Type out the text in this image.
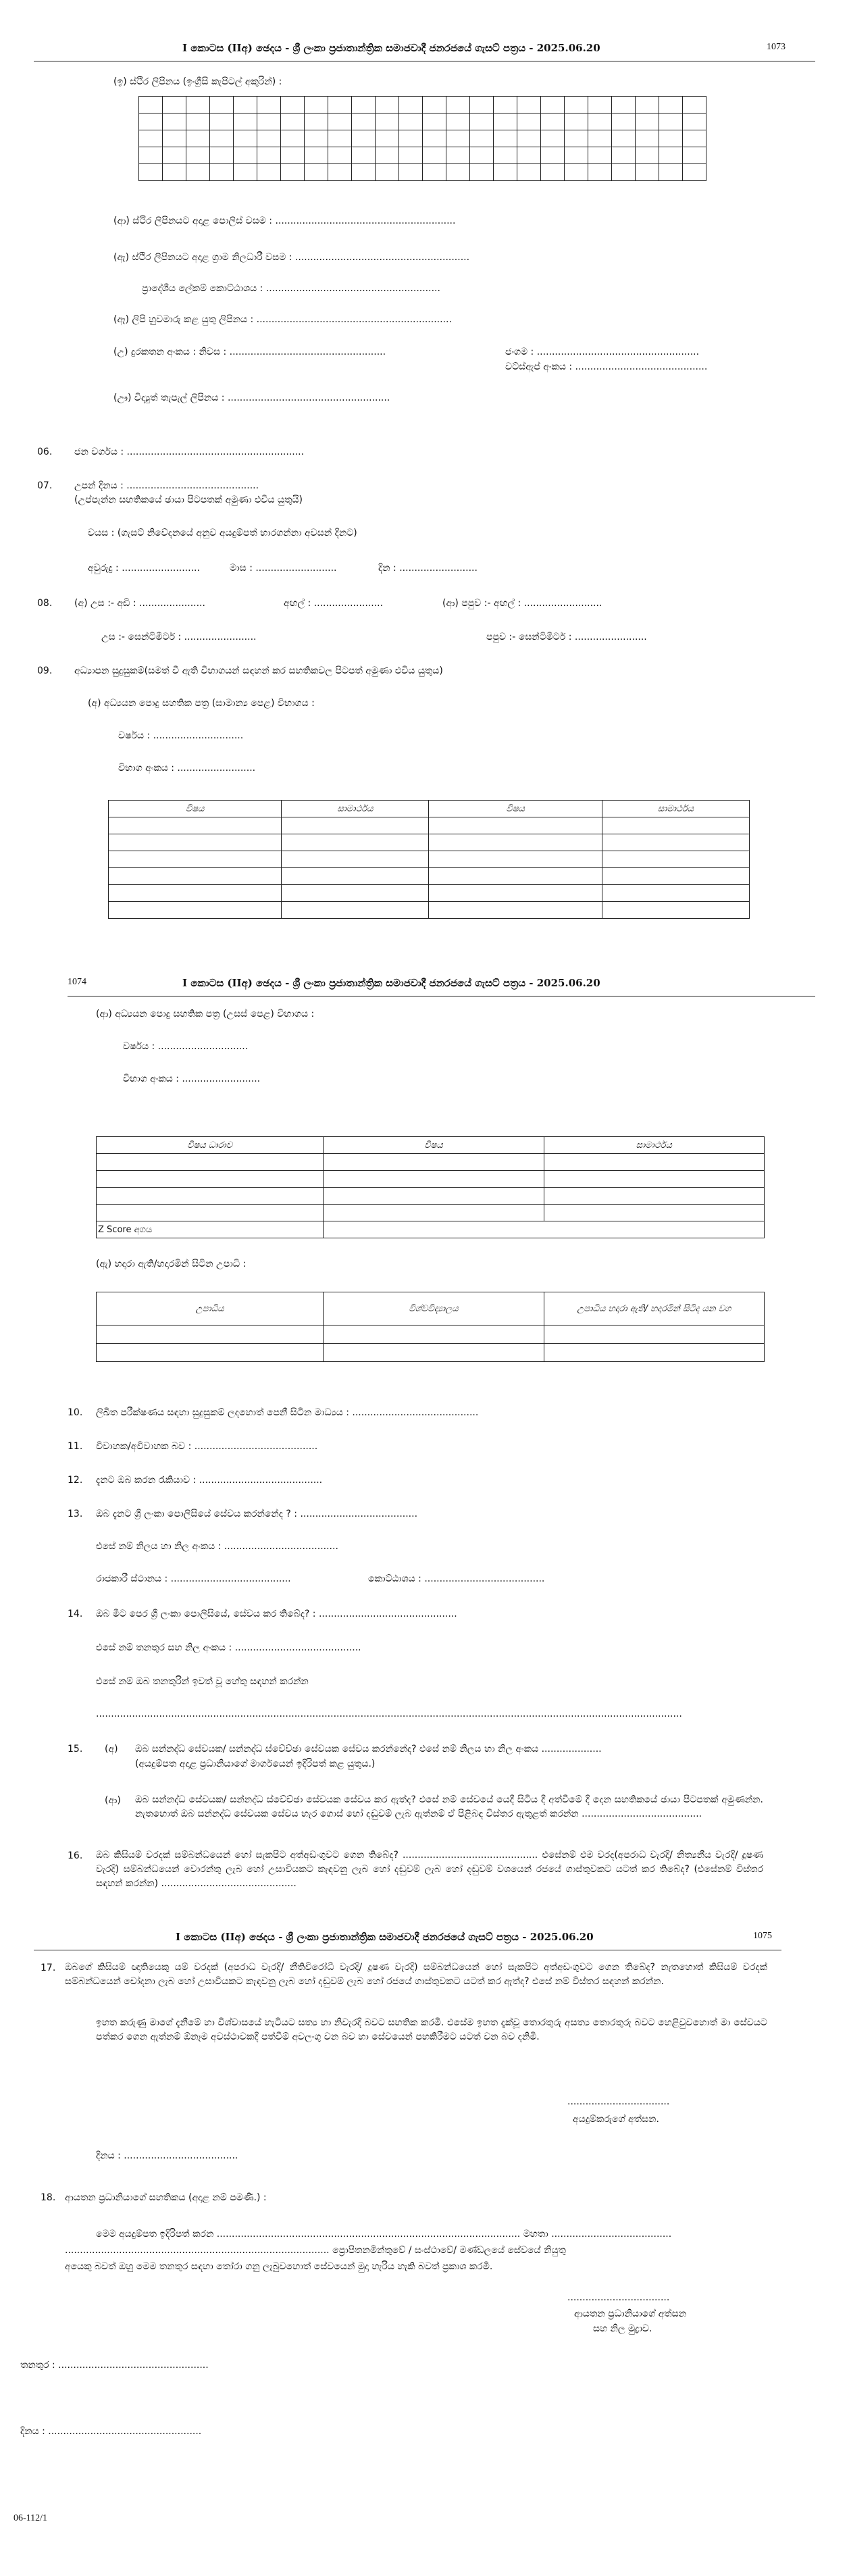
I කොටස (IIඅ) ඡෙදය - ශ්‍රී ලංකා ප්‍රජාතාන්ත්‍රික සමාජවාදී ජනරජයේ ගැසට් පත්‍රය - 2025.06.20	1073
(ඉ) ස්ථිර ලිපිනය (ඉංග්‍රීසි කැපිටල් අකුරින්) :

(ආ) ස්ථිර ලිපිනයට අදාළ පොලිස් වසම : ............................................................
(ඇ) ස්ථිර ලිපිනයට අදාළ ග්‍රාම නිලධාරී වසම : ..........................................................
ප්‍රාදේශීය ලේකම් කොට්ඨාශය : ..........................................................
(ඈ) ලිපි හුවමාරු කළ යුතු ලිපිනය : .................................................................
(උ) දුරකතන අංකය : නිවස : ....................................................	ජංගම : ......................................................
වට්ස්ඇප් අංකය : ............................................
(ඌ) විද්‍යුත් තැපැල් ලිපිනය : ......................................................
06. ජන වර්ගය : ...........................................................
07. උපන් දිනය : ............................................
(උප්පැන්න සහතිකයේ ඡායා පිටපතක් අමුණා එවිය යුතුයි)
වයස : (ගැසට් නිවේදනයේ අනුව අයදුම්පත් භාරගන්නා අවසන් දිනට)
අවුරුදු : ..........................	මාස : ...........................	දින : ..........................
08. (අ) උස :- අඩි : ......................	අඟල් : .......................	(ආ) පපුව :- අඟල් : ..........................
උස :- සෙන්ටිමීටර් : ........................	පපුව :- සෙන්ටිමීටර් : ........................
09. අධ්‍යාපන සුදුසුකම්(සමත් වී ඇති විභාගයන් සඳහන් කර සහතිකවල පිටපත් අමුණා එවිය යුතුය)
(අ) අධ්‍යයන පොදු සහතික පත්‍ර (සාමාන්‍ය පෙළ) විභාගය :
වර්ෂය : ..............................
විභාග අංකය : ..........................
විෂය	සාමාර්ථය	විෂය	සාමාර්ථය

1074	I කොටස (IIඅ) ඡෙදය - ශ්‍රී ලංකා ප්‍රජාතාන්ත්‍රික සමාජවාදී ජනරජයේ ගැසට් පත්‍රය - 2025.06.20
(ආ) අධ්‍යයන පොදු සහතික පත්‍ර (උසස් පෙළ) විභාගය :
වර්ෂය : ..............................
විභාග අංකය : ..........................
විෂය ධාරාව	විෂය	සාමාර්ථය

Z Score අගය		
(ඇ) හදාරා ඇති/හදාරමින් සිටින උපාධි :
උපාධිය	විශ්වවිද්‍යාලය	උපාධිය හදාරා ඇති/ හදාරමින් සිටිද යන වග

10. ලිඛිත පරීක්ෂණය සඳහා සුදුසුකම් ලදහොත් පෙනී සිටින මාධ්‍යය : ..........................................
11. විවාහක/අවිවාහක බව : .........................................
12. දැනට ඔබ කරන රැකියාව : .........................................
13. ඔබ දැනට ශ්‍රී ලංකා පොලිසියේ සේවය කරන්නේද ? : .......................................
එසේ නම් නිලය හා නිල අංකය : ......................................
රාජකාරී ස්ථානය : ........................................	කොට්ඨාශය : ........................................
14. ඔබ මීට පෙර ශ්‍රී ලංකා පොලිසියේ, සේවය කර තිබේද? : ..............................................
එසේ නම් තනතුර සහ නිල අංකය : ..........................................
එසේ නම් ඔබ තනතුරින් ඉවත් වූ හේතු සඳහන් කරන්න
...................................................................................................................................................................................................
15. (අ) ඔබ සන්නද්ධ සේවයක/ සන්නද්ධ ස්වේච්ඡා සේවයක සේවය කරන්නේද? එසේ නම් නිලය හා නිල අංකය ....................
(අයදුම්පත අදාළ ප්‍රධානියාගේ මාර්ගයෙන් ඉදිරිපත් කළ යුතුය.)
(ආ) ඔබ සන්නද්ධ සේවයක/ සන්නද්ධ ස්වේච්ඡා සේවයක සේවය කර ඇත්ද? එසේ නම් සේවයේ යෙදී සිටිය දී අත්වීමේ දී දෙන සහතිකයේ ඡායා පිටපතක් අමුණන්න. නැතහොත් ඔබ සන්නද්ධ සේවයක සේවය හැර ගොස් හෝ දඬුවම් ලැබ ඇත්නම් ඒ පිළිබඳ විස්තර ඇතුළත් කරන්න ........................................
16. ඔබ කිසියම් වරදක් සම්බන්ධයෙන් හෝ සැකපිට අත්අඩංගුවට ගෙන තිබේද? ............................................. එසේනම් එම වරද(අපරාධ වැරදි/ නිත්‍යනීය වැරදි/ දූෂණ වැරදි) සම්බන්ධයෙන් වොරන්තු ලැබ හෝ උසාවියකට කැඳවනු ලැබ හෝ දඬුවම් ලැබ හෝ දඬුවම් වශයෙන් රජයේ ගාස්තුවකට යටත් කර තිබේද? (එසේනම් විස්තර සඳහන් කරන්න) .............................................
I කොටස (IIඅ) ඡෙදය - ශ්‍රී ලංකා ප්‍රජාතාන්ත්‍රික සමාජවාදී ජනරජයේ ගැසට් පත්‍රය - 2025.06.20	1075
17. ඔබගේ කිසියම් ඥාතියෙකු යම් වරදක් (අපරාධ වැරදි/ නීතිවිරෝධී වැරදි/ දූෂණ වැරදි) සම්බන්ධයෙන් හෝ සැකපිට අත්අඩංගුවට ගෙන තිබේද? නැතහොත් කිසියම් වරදක් සම්බන්ධයෙන් චෝදනා ලැබ හෝ උසාවියකට කැඳවනු ලැබ හෝ දඬුවම් ලැබ හෝ රජයේ ගාස්තුවකට යටත් කර ඇත්ද? එසේ නම් විස්තර සඳහන් කරන්න.
ඉහත කරුණු මාගේ දැනීමේ හා විශ්වාසයේ හැටියට සත්‍ය හා නිවැරදි බවට සහතික කරමි. එසේම ඉහත දැක්වූ තොරතුරු අසත්‍ය තොරතුරු බවට හෙළිවුවහොත් මා සේවයට පත්කර ගෙන ඇත්නම් ඕනෑම අවස්ථාවකදී පත්වීම් අවලංගු වන බව හා සේවයෙන් පහකිරීමට යටත් වන බව දනිමි.
..................................
අයදුම්කරුගේ අත්සන.
දිනය : ......................................
18. ආයතන ප්‍රධානියාගේ සහතිකය (අදාළ නම් පමණි.) :
මෙම අයදුම්පත ඉදිරිපත් කරන ..................................................................................................... මහතා ........................................
........................................................................................ ප්‍රොපිතනමින්තුවේ / සංස්ථාවේ/ මණ්ඩලයේ සේවයේ නියුතු
අයෙකු බවත් ඔහු මෙම තනතුර සඳහා තෝරා ගනු ලැබුවහොත් සේවයෙන් මුදා හැරිය හැකි බවත් ප්‍රකාශ කරමි.
..................................
ආයතන ප්‍රධානියාගේ අත්සන
සහ නිල මුද්‍රාව.
තනතුර : ..................................................
දිනය : ...................................................
06-112/1
